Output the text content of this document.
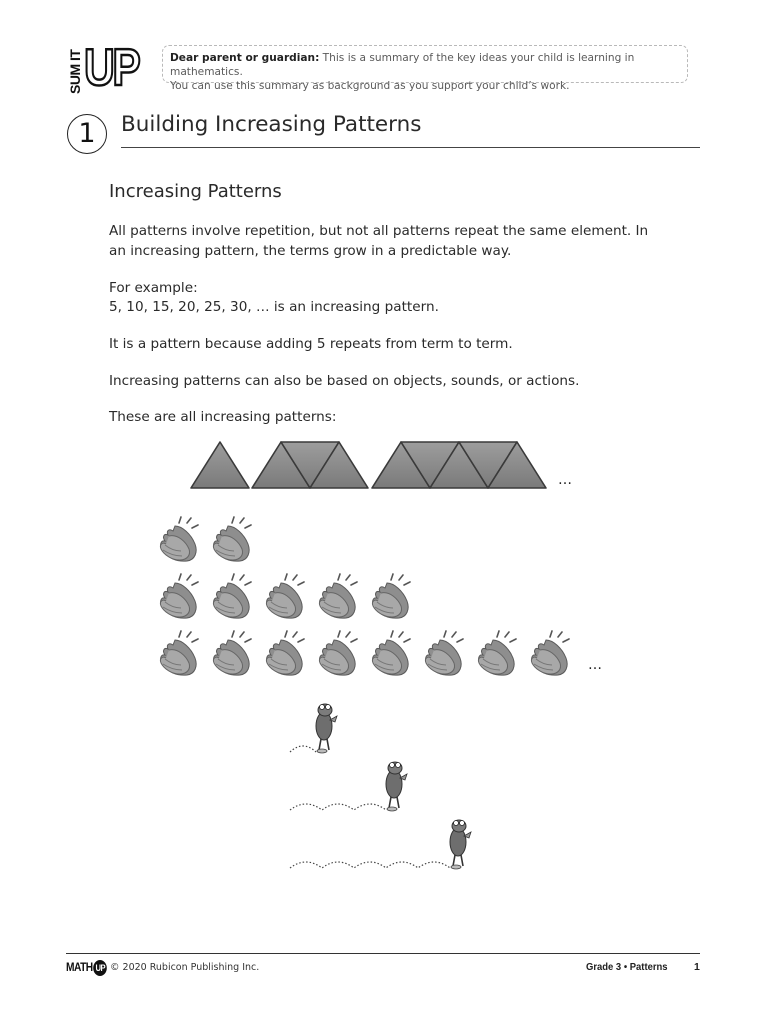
SUM IT UP	Dear parent or guardian: This is a summary of the key ideas your child is learning in mathematics.
You can use this summary as background as you support your child’s work.
1	Building Increasing Patterns
Increasing Patterns
All patterns involve repetition, but not all patterns repeat the same element. In an increasing pattern, the terms grow in a predictable way.
For example:
5, 10, 15, 20, 25, 30, … is an increasing pattern.
It is a pattern because adding 5 repeats from term to term.
Increasing patterns can also be based on objects, sounds, or actions.
These are all increasing patterns:
…
…
MATH UP © 2020 Rubicon Publishing Inc.	Grade 3 • Patterns	1
